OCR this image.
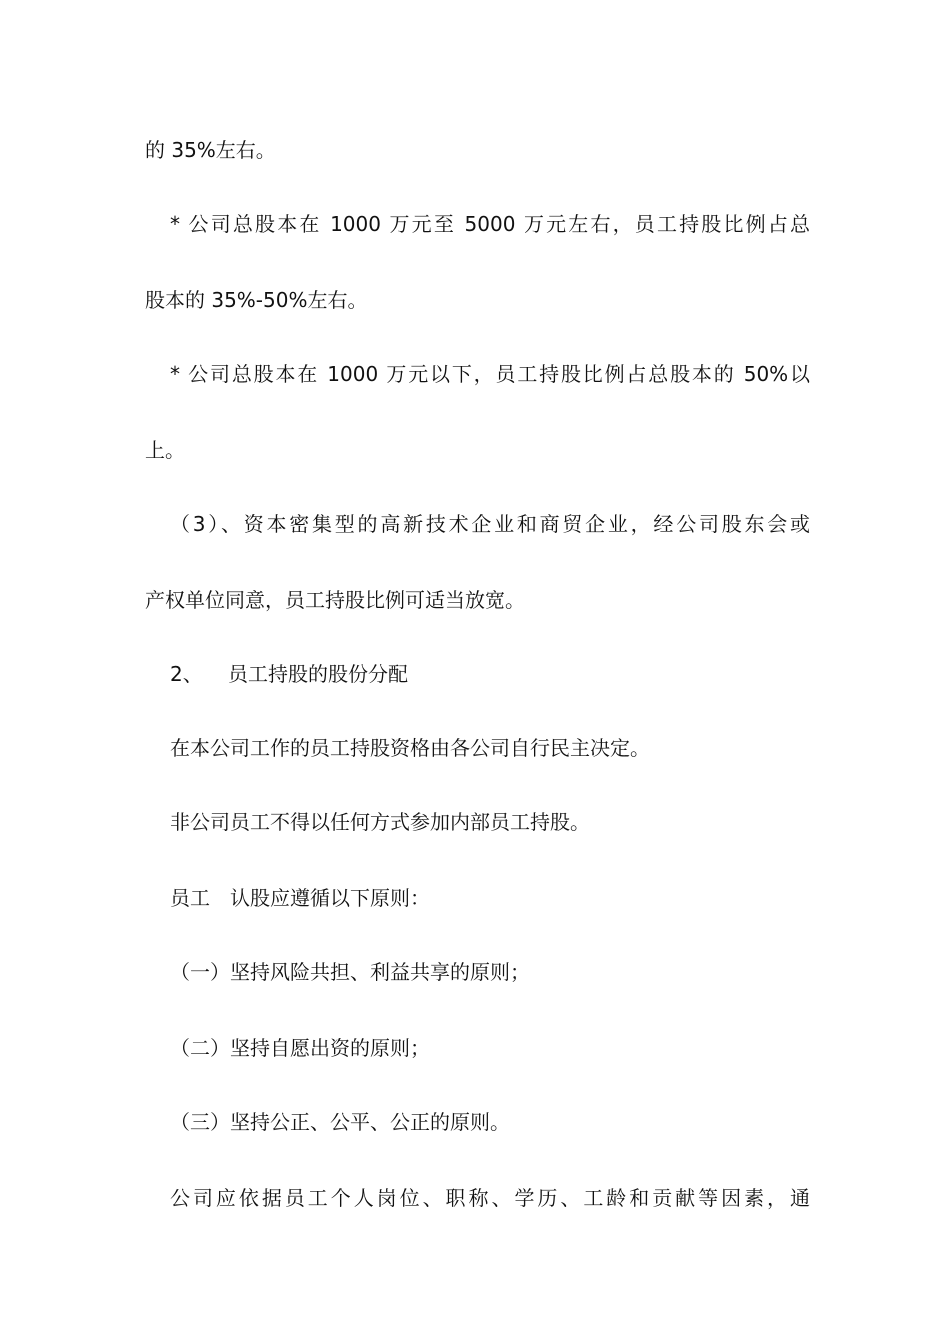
的 35%左右。
* 公司总股本在 1000 万元至 5000 万元左右，员工持股比例占总
股本的 35%-50%左右。
* 公司总股本在 1000 万元以下，员工持股比例占总股本的 50%以
上。
（3）、资本密集型的高新技术企业和商贸企业，经公司股东会或
产权单位同意，员工持股比例可适当放宽。
2、 员工持股的股份分配
在本公司工作的员工持股资格由各公司自行民主决定。
非公司员工不得以任何方式参加内部员工持股。
员工　认股应遵循以下原则：
（一）坚持风险共担、利益共享的原则；
（二）坚持自愿出资的原则；
（三）坚持公正、公平、公正的原则。
公司应依据员工个人岗位、职称、学历、工龄和贡献等因素，通
